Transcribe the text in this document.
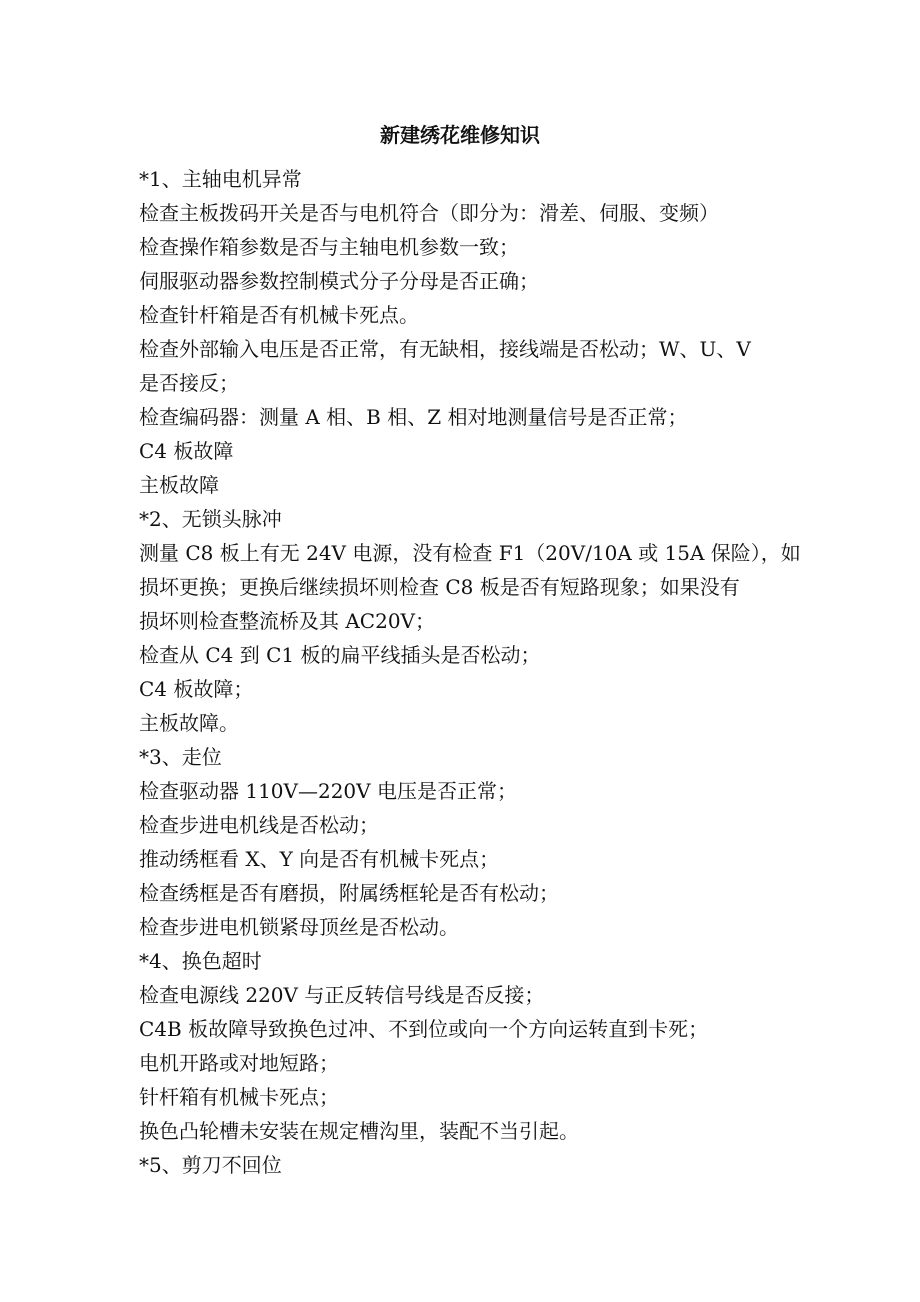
新建绣花维修知识

*1、主轴电机异常

检查主板拨码开关是否与电机符合（即分为：滑差、伺服、变频）

检查操作箱参数是否与主轴电机参数一致；

伺服驱动器参数控制模式分子分母是否正确；

检查针杆箱是否有机械卡死点。

检查外部输入电压是否正常，有无缺相，接线端是否松动；W、U、V

是否接反；

检查编码器：测量 A 相、B 相、Z 相对地测量信号是否正常；

C4 板故障

主板故障

*2、无锁头脉冲

测量 C8 板上有无 24V 电源，没有检查 F1（20V/10A 或 15A 保险），如

损坏更换；更换后继续损坏则检查 C8 板是否有短路现象；如果没有

损坏则检查整流桥及其 AC20V；

检查从 C4 到 C1 板的扁平线插头是否松动；

C4 板故障；

主板故障。

*3、走位

检查驱动器 110V—220V 电压是否正常；

检查步进电机线是否松动；

推动绣框看 X、Y 向是否有机械卡死点；

检查绣框是否有磨损，附属绣框轮是否有松动；

检查步进电机锁紧母顶丝是否松动。

*4、换色超时

检查电源线 220V 与正反转信号线是否反接；

C4B 板故障导致换色过冲、不到位或向一个方向运转直到卡死；

电机开路或对地短路；

针杆箱有机械卡死点；

换色凸轮槽未安装在规定槽沟里，装配不当引起。

*5、剪刀不回位
